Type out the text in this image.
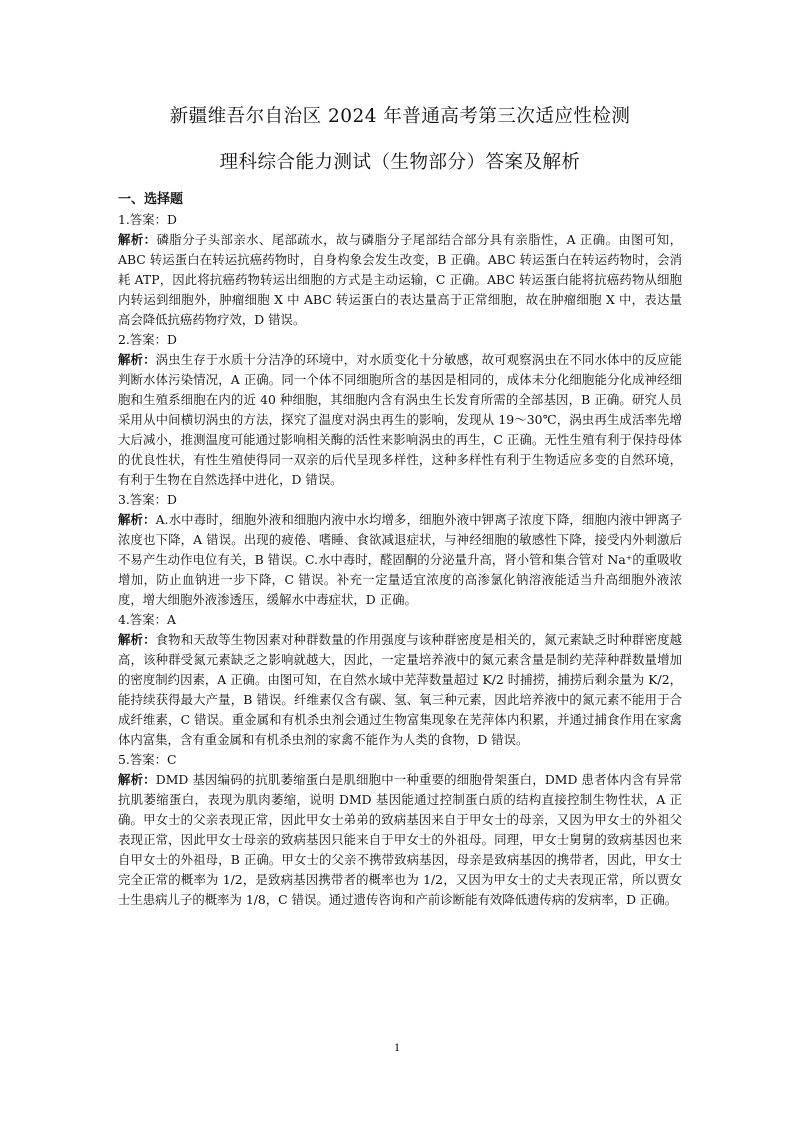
新疆维吾尔自治区 2024 年普通高考第三次适应性检测
理科综合能力测试（生物部分）答案及解析
一、选择题

1.答案：D

解析：磷脂分子头部亲水、尾部疏水，故与磷脂分子尾部结合部分具有亲脂性，A 正确。由图可知，ABC 转运蛋白在转运抗癌药物时，自身构象会发生改变，B 正确。ABC 转运蛋白在转运药物时，会消耗 ATP，因此将抗癌药物转运出细胞的方式是主动运输，C 正确。ABC 转运蛋白能将抗癌药物从细胞内转运到细胞外，肿瘤细胞 X 中 ABC 转运蛋白的表达量高于正常细胞，故在肿瘤细胞 X 中，表达量高会降低抗癌药物疗效，D 错误。

2.答案：D

解析：涡虫生存于水质十分洁净的环境中，对水质变化十分敏感，故可观察涡虫在不同水体中的反应能判断水体污染情况，A 正确。同一个体不同细胞所含的基因是相同的，成体未分化细胞能分化成神经细胞和生殖系细胞在内的近 40 种细胞，其细胞内含有涡虫生长发育所需的全部基因，B 正确。研究人员采用从中间横切涡虫的方法，探究了温度对涡虫再生的影响，发现从 19～30℃，涡虫再生成活率先增大后减小，推测温度可能通过影响相关酶的活性来影响涡虫的再生，C 正确。无性生殖有利于保持母体的优良性状，有性生殖使得同一双亲的后代呈现多样性，这种多样性有利于生物适应多变的自然环境，有利于生物在自然选择中进化，D 错误。

3.答案：D

解析：A.水中毒时，细胞外液和细胞内液中水均增多，细胞外液中钾离子浓度下降，细胞内液中钾离子浓度也下降，A 错误。出现的疲倦、嗜睡、食欲减退症状，与神经细胞的敏感性下降，接受内外刺激后不易产生动作电位有关，B 错误。C.水中毒时，醛固酮的分泌量升高，肾小管和集合管对 Na⁺的重吸收增加，防止血钠进一步下降，C 错误。补充一定量适宜浓度的高渗氯化钠溶液能适当升高细胞外液浓度，增大细胞外液渗透压，缓解水中毒症状，D 正确。

4.答案：A

解析：食物和天敌等生物因素对种群数量的作用强度与该种群密度是相关的，氮元素缺乏时种群密度越高，该种群受氮元素缺乏之影响就越大，因此，一定量培养液中的氮元素含量是制约芜萍种群数量增加的密度制约因素，A 正确。由图可知，在自然水域中芜萍数量超过 K/2 时捕捞，捕捞后剩余量为 K/2，能持续获得最大产量，B 错误。纤维素仅含有碳、氢、氧三种元素，因此培养液中的氮元素不能用于合成纤维素，C 错误。重金属和有机杀虫剂会通过生物富集现象在芜萍体内积累，并通过捕食作用在家禽体内富集，含有重金属和有机杀虫剂的家禽不能作为人类的食物，D 错误。

5.答案：C

解析：DMD 基因编码的抗肌萎缩蛋白是肌细胞中一种重要的细胞骨架蛋白，DMD 患者体内含有异常抗肌萎缩蛋白，表现为肌肉萎缩，说明 DMD 基因能通过控制蛋白质的结构直接控制生物性状，A 正确。甲女士的父亲表现正常，因此甲女士弟弟的致病基因来自于甲女士的母亲，又因为甲女士的外祖父表现正常，因此甲女士母亲的致病基因只能来自于甲女士的外祖母。同理，甲女士舅舅的致病基因也来自甲女士的外祖母，B 正确。甲女士的父亲不携带致病基因，母亲是致病基因的携带者，因此，甲女士完全正常的概率为 1/2，是致病基因携带者的概率也为 1/2，又因为甲女士的丈夫表现正常，所以贾女士生患病儿子的概率为 1/8，C 错误。通过遗传咨询和产前诊断能有效降低遗传病的发病率，D 正确。

1
